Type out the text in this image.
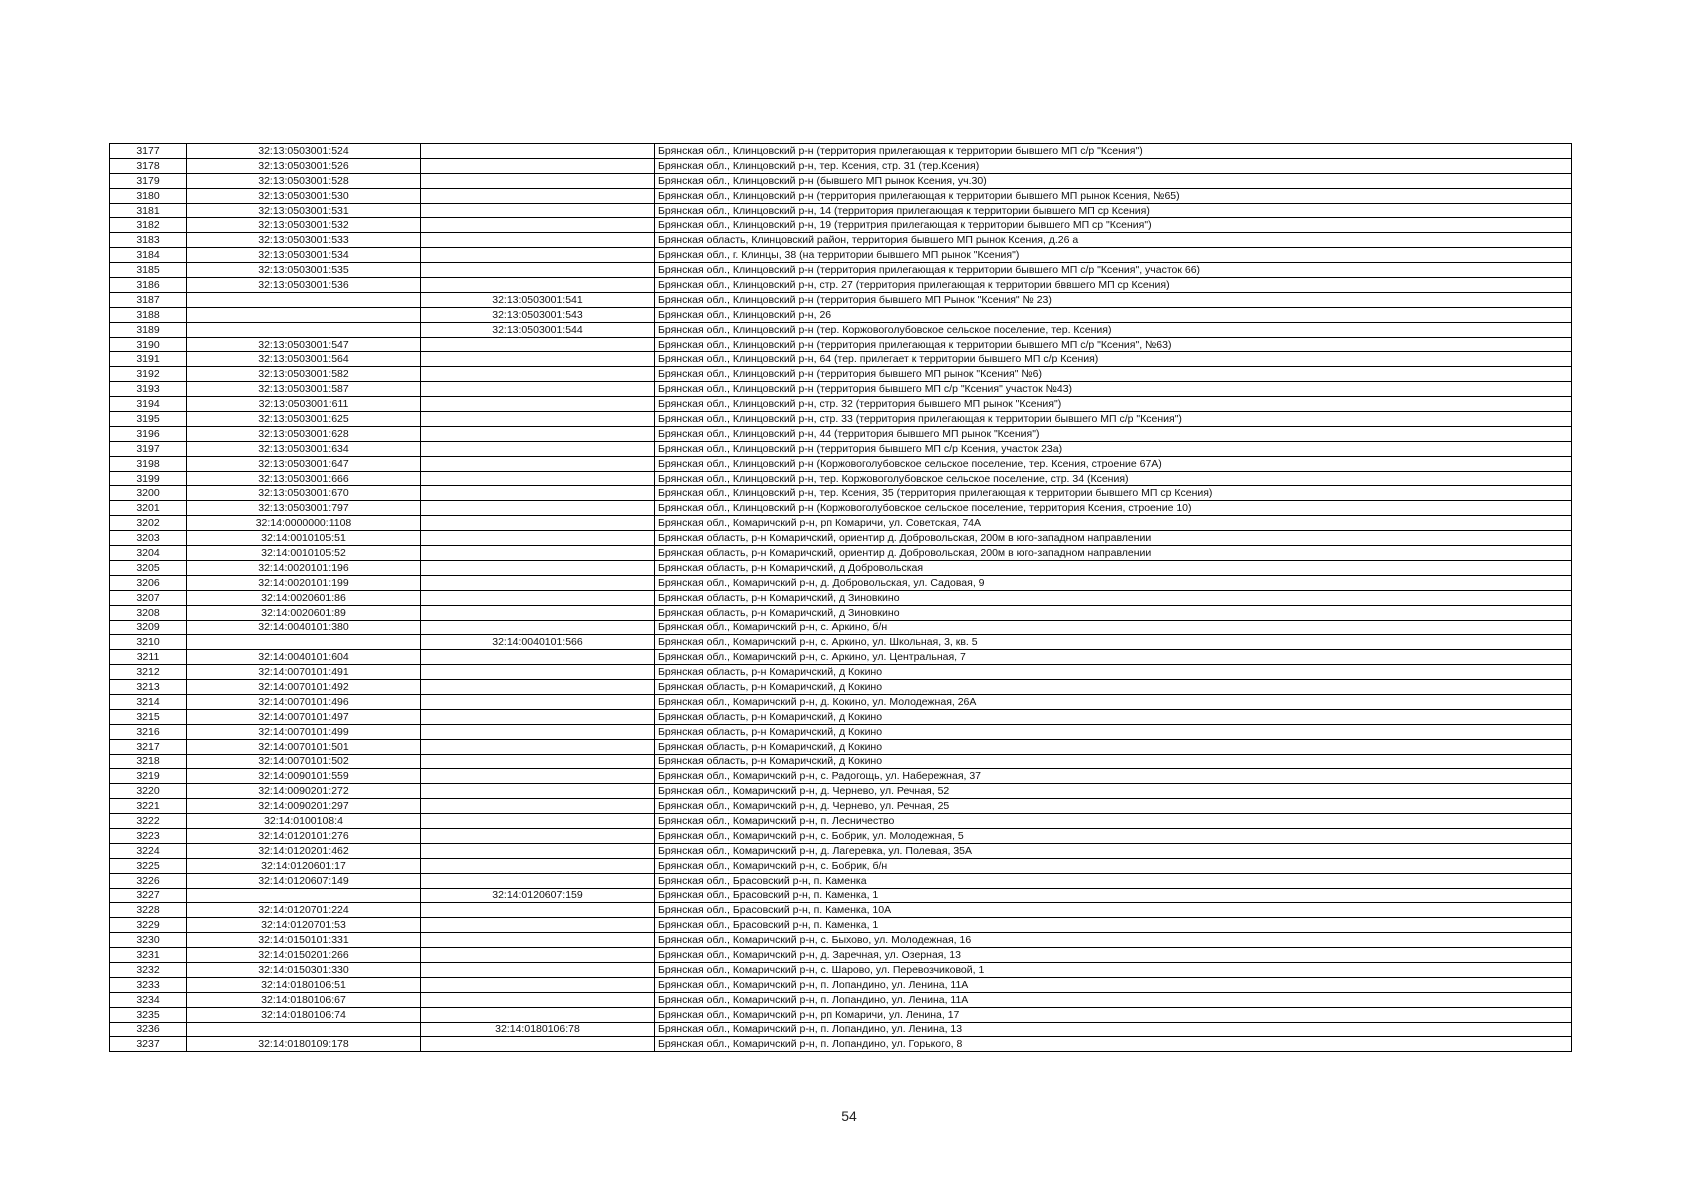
3177	32:13:0503001:524		Брянская обл., Клинцовский р-н (территория прилегающая к территории бывшего МП с/р "Ксения")
3178	32:13:0503001:526		Брянская обл., Клинцовский р-н, тер. Ксения, стр. 31 (тер.Ксения)
3179	32:13:0503001:528		Брянская обл., Клинцовский р-н (бывшего МП рынок Ксения, уч.30)
3180	32:13:0503001:530		Брянская обл., Клинцовский р-н (территория прилегающая к территории бывшего МП рынок Ксения, №65)
3181	32:13:0503001:531		Брянская обл., Клинцовский р-н, 14 (территория прилегающая к территории бывшего МП ср Ксения)
3182	32:13:0503001:532		Брянская обл., Клинцовский р-н, 19 (территрия прилегающая к территории бывшего МП ср "Ксения")
3183	32:13:0503001:533		Брянская область, Клинцовский район, территория бывшего МП рынок Ксения, д.26 а
3184	32:13:0503001:534		Брянская обл., г. Клинцы, 38 (на территории бывшего МП рынок "Ксения")
3185	32:13:0503001:535		Брянская обл., Клинцовский р-н (территория прилегающая к территории бывшего МП с/р "Ксения", участок 66)
3186	32:13:0503001:536		Брянская обл., Клинцовский р-н, стр. 27 (территория прилегающая к территории бввшего МП ср Ксения)
3187		32:13:0503001:541	Брянская обл., Клинцовский р-н (территория бывшего МП Рынок "Ксения" № 23)
3188		32:13:0503001:543	Брянская обл., Клинцовский р-н, 26
3189		32:13:0503001:544	Брянская обл., Клинцовский р-н (тер. Коржовоголубовское сельское поселение, тер. Ксения)
3190	32:13:0503001:547		Брянская обл., Клинцовский р-н (территория прилегающая к территории бывшего МП с/р "Ксения", №63)
3191	32:13:0503001:564		Брянская обл., Клинцовский р-н, 64 (тер. прилегает к территории бывшего МП с/р Ксения)
3192	32:13:0503001:582		Брянская обл., Клинцовский р-н (территория бывшего МП рынок "Ксения" №6)
3193	32:13:0503001:587		Брянская обл., Клинцовский р-н (территория бывшего МП с/р "Ксения" участок №43)
3194	32:13:0503001:611		Брянская обл., Клинцовский р-н, стр. 32 (территория бывшего МП рынок "Ксения")
3195	32:13:0503001:625		Брянская обл., Клинцовский р-н, стр. 33 (территория прилегающая к территории бывшего МП с/р "Ксения")
3196	32:13:0503001:628		Брянская обл., Клинцовский р-н, 44 (территория бывшего МП рынок "Ксения")
3197	32:13:0503001:634		Брянская обл., Клинцовский р-н (территория бывшего МП с/р Ксения, участок 23а)
3198	32:13:0503001:647		Брянская обл., Клинцовский р-н (Коржовоголубовское сельское поселение, тер. Ксения, строение 67А)
3199	32:13:0503001:666		Брянская обл., Клинцовский р-н, тер. Коржовоголубовское сельское поселение, стр. 34 (Ксения)
3200	32:13:0503001:670		Брянская обл., Клинцовский р-н, тер. Ксения, 35 (территория прилегающая к территории бывшего МП ср Ксения)
3201	32:13:0503001:797		Брянская обл., Клинцовский р-н (Коржовоголубовское сельское поселение, территория Ксения, строение 10)
3202	32:14:0000000:1108		Брянская обл., Комаричский р-н, рп Комаричи, ул. Советская, 74А
3203	32:14:0010105:51		Брянская область, р-н Комаричский, ориентир д. Добровольская, 200м в юго-западном направлении
3204	32:14:0010105:52		Брянская область, р-н Комаричский, ориентир д. Добровольская, 200м в юго-западном направлении
3205	32:14:0020101:196		Брянская область, р-н Комаричский, д Добровольская
3206	32:14:0020101:199		Брянская обл., Комаричский р-н, д. Добровольская, ул. Садовая, 9
3207	32:14:0020601:86		Брянская область, р-н Комаричский, д Зиновкино
3208	32:14:0020601:89		Брянская область, р-н Комаричский, д Зиновкино
3209	32:14:0040101:380		Брянская обл., Комаричский р-н, с. Аркино, б/н
3210		32:14:0040101:566	Брянская обл., Комаричский р-н, с. Аркино, ул. Школьная, 3, кв. 5
3211	32:14:0040101:604		Брянская обл., Комаричский р-н, с. Аркино, ул. Центральная, 7
3212	32:14:0070101:491		Брянская область, р-н Комаричский, д Кокино
3213	32:14:0070101:492		Брянская область, р-н Комаричский, д Кокино
3214	32:14:0070101:496		Брянская обл., Комаричский р-н, д. Кокино, ул. Молодежная, 26А
3215	32:14:0070101:497		Брянская область, р-н Комаричский, д Кокино
3216	32:14:0070101:499		Брянская область, р-н Комаричский, д Кокино
3217	32:14:0070101:501		Брянская область, р-н Комаричский, д Кокино
3218	32:14:0070101:502		Брянская область, р-н Комаричский, д Кокино
3219	32:14:0090101:559		Брянская обл., Комаричский р-н, с. Радогощь, ул. Набережная, 37
3220	32:14:0090201:272		Брянская обл., Комаричский р-н, д. Чернево, ул. Речная, 52
3221	32:14:0090201:297		Брянская обл., Комаричский р-н, д. Чернево, ул. Речная, 25
3222	32:14:0100108:4		Брянская обл., Комаричский р-н, п. Лесничество
3223	32:14:0120101:276		Брянская обл., Комаричский р-н, с. Бобрик, ул. Молодежная, 5
3224	32:14:0120201:462		Брянская обл., Комаричский р-н, д. Лагеревка, ул. Полевая, 35А
3225	32:14:0120601:17		Брянская обл., Комаричский р-н, с. Бобрик, б/н
3226	32:14:0120607:149		Брянская обл., Брасовский р-н, п. Каменка
3227		32:14:0120607:159	Брянская обл., Брасовский р-н, п. Каменка, 1
3228	32:14:0120701:224		Брянская обл., Брасовский р-н, п. Каменка, 10А
3229	32:14:0120701:53		Брянская обл., Брасовский р-н, п. Каменка, 1
3230	32:14:0150101:331		Брянская обл., Комаричский р-н, с. Быхово, ул. Молодежная, 16
3231	32:14:0150201:266		Брянская обл., Комаричский р-н, д. Заречная, ул. Озерная, 13
3232	32:14:0150301:330		Брянская обл., Комаричский р-н, с. Шарово, ул. Перевозчиковой, 1
3233	32:14:0180106:51		Брянская обл., Комаричский р-н, п. Лопандино, ул. Ленина, 11А
3234	32:14:0180106:67		Брянская обл., Комаричский р-н, п. Лопандино, ул. Ленина, 11А
3235	32:14:0180106:74		Брянская обл., Комаричский р-н, рп Комаричи, ул. Ленина, 17
3236		32:14:0180106:78	Брянская обл., Комаричский р-н, п. Лопандино, ул. Ленина, 13
3237	32:14:0180109:178		Брянская обл., Комаричский р-н, п. Лопандино, ул. Горького, 8
54
